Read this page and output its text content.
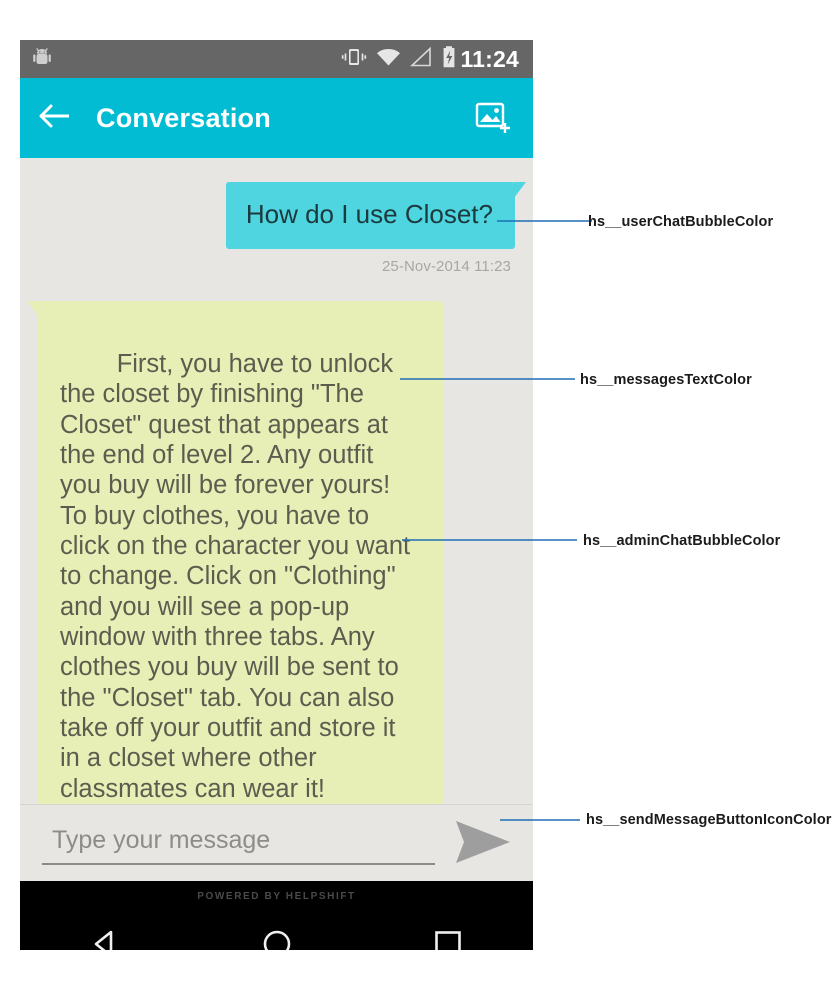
11:24
Conversation
How do I use Closet?
25-Nov-2014 11:23

First, you have to unlock the closet by finishing "The Closet" quest that appears at the end of level 2. Any outfit you buy will be forever yours! To buy clothes, you have to click on the character you want to change. Click on "Clothing" and you will see a pop-up window with three tabs. Any clothes you buy will be sent to the "Closet" tab. You can also take off your outfit and store it in a closet where other classmates can wear it!

Type your message
POWERED BY HELPSHIFT
hs__userChatBubbleColor
hs__messagesTextColor
hs__adminChatBubbleColor
hs__sendMessageButtonIconColor
